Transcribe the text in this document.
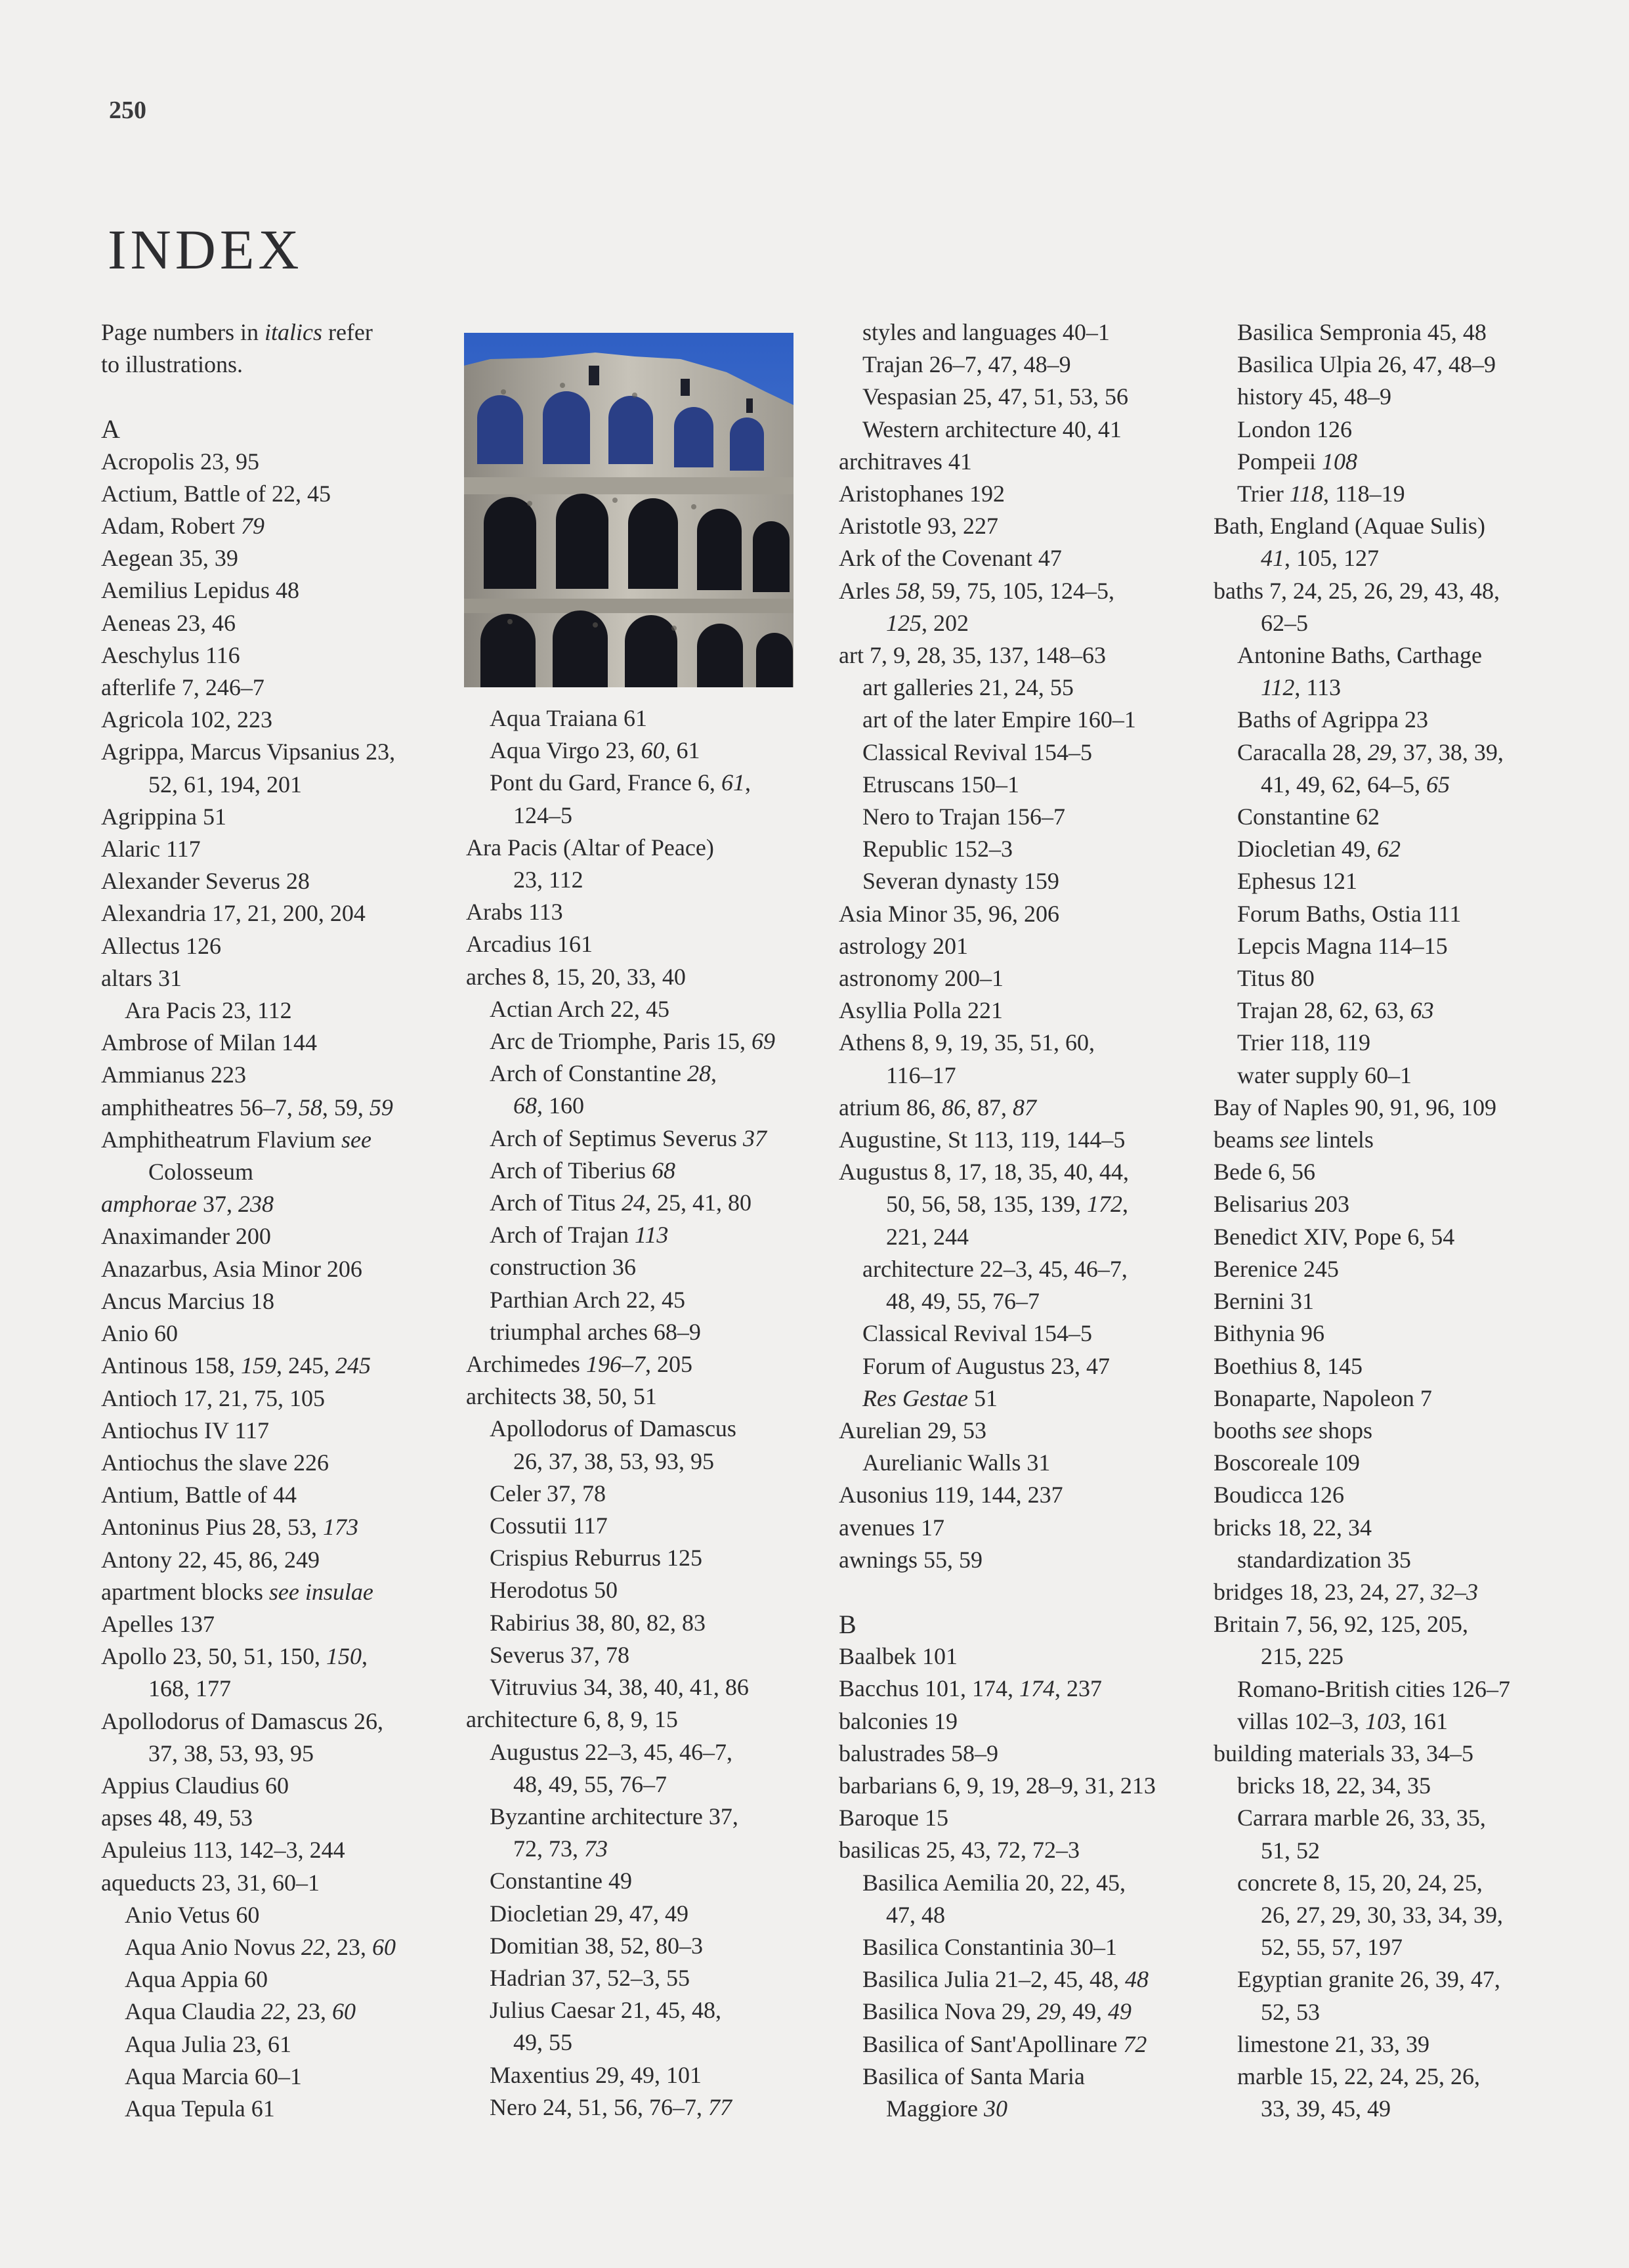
250
INDEX
Page numbers in italics refer
to illustrations.
A
Acropolis 23, 95
Actium, Battle of 22, 45
Adam, Robert 79
Aegean 35, 39
Aemilius Lepidus 48
Aeneas 23, 46
Aeschylus 116
afterlife 7, 246–7
Agricola 102, 223
Agrippa, Marcus Vipsanius 23,
52, 61, 194, 201
Agrippina 51
Alaric 117
Alexander Severus 28
Alexandria 17, 21, 200, 204
Allectus 126
altars 31
Ara Pacis 23, 112
Ambrose of Milan 144
Ammianus 223
amphitheatres 56–7, 58, 59, 59
Amphitheatrum Flavium see
Colosseum
amphorae 37, 238
Anaximander 200
Anazarbus, Asia Minor 206
Ancus Marcius 18
Anio 60
Antinous 158, 159, 245, 245
Antioch 17, 21, 75, 105
Antiochus IV 117
Antiochus the slave 226
Antium, Battle of 44
Antoninus Pius 28, 53, 173
Antony 22, 45, 86, 249
apartment blocks see insulae
Apelles 137
Apollo 23, 50, 51, 150, 150,
168, 177
Apollodorus of Damascus 26,
37, 38, 53, 93, 95
Appius Claudius 60
apses 48, 49, 53
Apuleius 113, 142–3, 244
aqueducts 23, 31, 60–1
Anio Vetus 60
Aqua Anio Novus 22, 23, 60
Aqua Appia 60
Aqua Claudia 22, 23, 60
Aqua Julia 23, 61
Aqua Marcia 60–1
Aqua Tepula 61
Aqua Traiana 61
Aqua Virgo 23, 60, 61
Pont du Gard, France 6, 61,
124–5
Ara Pacis (Altar of Peace)
23, 112
Arabs 113
Arcadius 161
arches 8, 15, 20, 33, 40
Actian Arch 22, 45
Arc de Triomphe, Paris 15, 69
Arch of Constantine 28,
68, 160
Arch of Septimus Severus 37
Arch of Tiberius 68
Arch of Titus 24, 25, 41, 80
Arch of Trajan 113
construction 36
Parthian Arch 22, 45
triumphal arches 68–9
Archimedes 196–7, 205
architects 38, 50, 51
Apollodorus of Damascus
26, 37, 38, 53, 93, 95
Celer 37, 78
Cossutii 117
Crispius Reburrus 125
Herodotus 50
Rabirius 38, 80, 82, 83
Severus 37, 78
Vitruvius 34, 38, 40, 41, 86
architecture 6, 8, 9, 15
Augustus 22–3, 45, 46–7,
48, 49, 55, 76–7
Byzantine architecture 37,
72, 73, 73
Constantine 49
Diocletian 29, 47, 49
Domitian 38, 52, 80–3
Hadrian 37, 52–3, 55
Julius Caesar 21, 45, 48,
49, 55
Maxentius 29, 49, 101
Nero 24, 51, 56, 76–7, 77
styles and languages 40–1
Trajan 26–7, 47, 48–9
Vespasian 25, 47, 51, 53, 56
Western architecture 40, 41
architraves 41
Aristophanes 192
Aristotle 93, 227
Ark of the Covenant 47
Arles 58, 59, 75, 105, 124–5,
125, 202
art 7, 9, 28, 35, 137, 148–63
art galleries 21, 24, 55
art of the later Empire 160–1
Classical Revival 154–5
Etruscans 150–1
Nero to Trajan 156–7
Republic 152–3
Severan dynasty 159
Asia Minor 35, 96, 206
astrology 201
astronomy 200–1
Asyllia Polla 221
Athens 8, 9, 19, 35, 51, 60,
116–17
atrium 86, 86, 87, 87
Augustine, St 113, 119, 144–5
Augustus 8, 17, 18, 35, 40, 44,
50, 56, 58, 135, 139, 172,
221, 244
architecture 22–3, 45, 46–7,
48, 49, 55, 76–7
Classical Revival 154–5
Forum of Augustus 23, 47
Res Gestae 51
Aurelian 29, 53
Aurelianic Walls 31
Ausonius 119, 144, 237
avenues 17
awnings 55, 59
B
Baalbek 101
Bacchus 101, 174, 174, 237
balconies 19
balustrades 58–9
barbarians 6, 9, 19, 28–9, 31, 213
Baroque 15
basilicas 25, 43, 72, 72–3
Basilica Aemilia 20, 22, 45,
47, 48
Basilica Constantinia 30–1
Basilica Julia 21–2, 45, 48, 48
Basilica Nova 29, 29, 49, 49
Basilica of Sant'Apollinare 72
Basilica of Santa Maria
Maggiore 30
Basilica Sempronia 45, 48
Basilica Ulpia 26, 47, 48–9
history 45, 48–9
London 126
Pompeii 108
Trier 118, 118–19
Bath, England (Aquae Sulis)
41, 105, 127
baths 7, 24, 25, 26, 29, 43, 48,
62–5
Antonine Baths, Carthage
112, 113
Baths of Agrippa 23
Caracalla 28, 29, 37, 38, 39,
41, 49, 62, 64–5, 65
Constantine 62
Diocletian 49, 62
Ephesus 121
Forum Baths, Ostia 111
Lepcis Magna 114–15
Titus 80
Trajan 28, 62, 63, 63
Trier 118, 119
water supply 60–1
Bay of Naples 90, 91, 96, 109
beams see lintels
Bede 6, 56
Belisarius 203
Benedict XIV, Pope 6, 54
Berenice 245
Bernini 31
Bithynia 96
Boethius 8, 145
Bonaparte, Napoleon 7
booths see shops
Boscoreale 109
Boudicca 126
bricks 18, 22, 34
standardization 35
bridges 18, 23, 24, 27, 32–3
Britain 7, 56, 92, 125, 205,
215, 225
Romano-British cities 126–7
villas 102–3, 103, 161
building materials 33, 34–5
bricks 18, 22, 34, 35
Carrara marble 26, 33, 35,
51, 52
concrete 8, 15, 20, 24, 25,
26, 27, 29, 30, 33, 34, 39,
52, 55, 57, 197
Egyptian granite 26, 39, 47,
52, 53
limestone 21, 33, 39
marble 15, 22, 24, 25, 26,
33, 39, 45, 49
